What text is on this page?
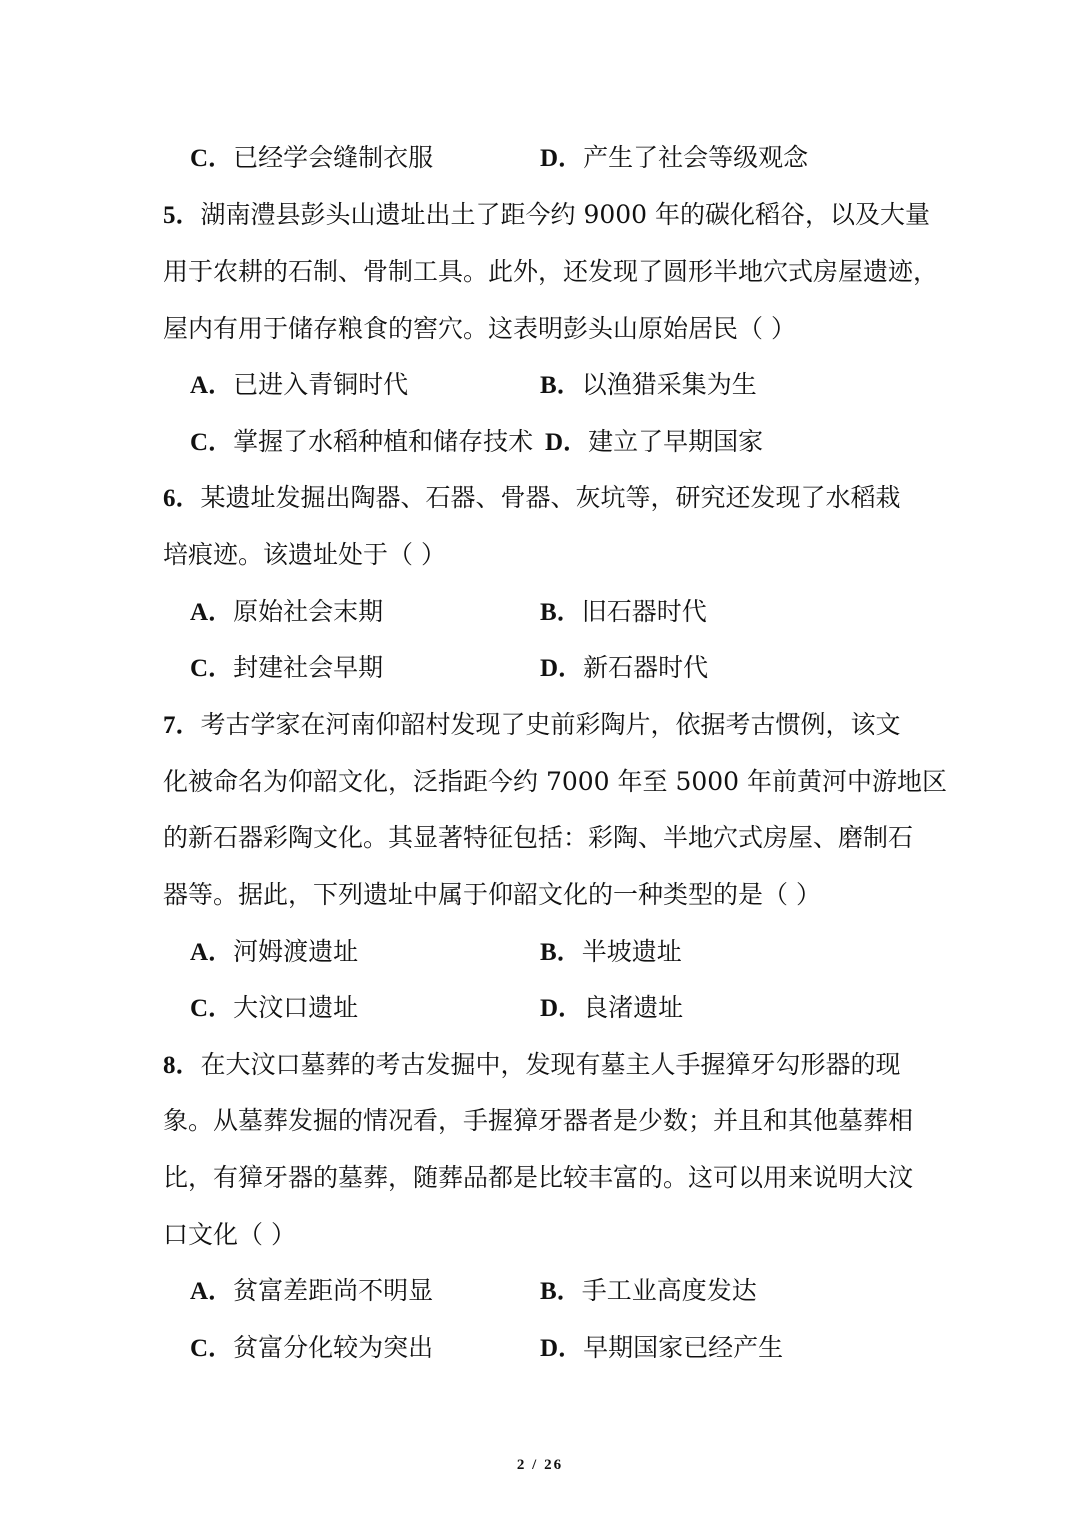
C．已经学会缝制衣服	D．产生了社会等级观念
5．湖南澧县彭头山遗址出土了距今约 9000 年的碳化稻谷，以及大量
用于农耕的石制、骨制工具。此外，还发现了圆形半地穴式房屋遗迹，
屋内有用于储存粮食的窖穴。这表明彭头山原始居民（ ）
A．已进入青铜时代	B．以渔猎采集为生
C．掌握了水稻种植和储存技术 D．建立了早期国家
6．某遗址发掘出陶器、石器、骨器、灰坑等，研究还发现了水稻栽
培痕迹。该遗址处于（ ）
A．原始社会末期	B．旧石器时代
C．封建社会早期	D．新石器时代
7．考古学家在河南仰韶村发现了史前彩陶片，依据考古惯例，该文
化被命名为仰韶文化，泛指距今约 7000 年至 5000 年前黄河中游地区
的新石器彩陶文化。其显著特征包括：彩陶、半地穴式房屋、磨制石
器等。据此，下列遗址中属于仰韶文化的一种类型的是（ ）
A．河姆渡遗址	B．半坡遗址
C．大汶口遗址	D．良渚遗址
8．在大汶口墓葬的考古发掘中，发现有墓主人手握獐牙勾形器的现
象。从墓葬发掘的情况看，手握獐牙器者是少数；并且和其他墓葬相
比，有獐牙器的墓葬，随葬品都是比较丰富的。这可以用来说明大汶
口文化（ ）
A．贫富差距尚不明显	B．手工业高度发达
C．贫富分化较为突出	D．早期国家已经产生
2 / 26
